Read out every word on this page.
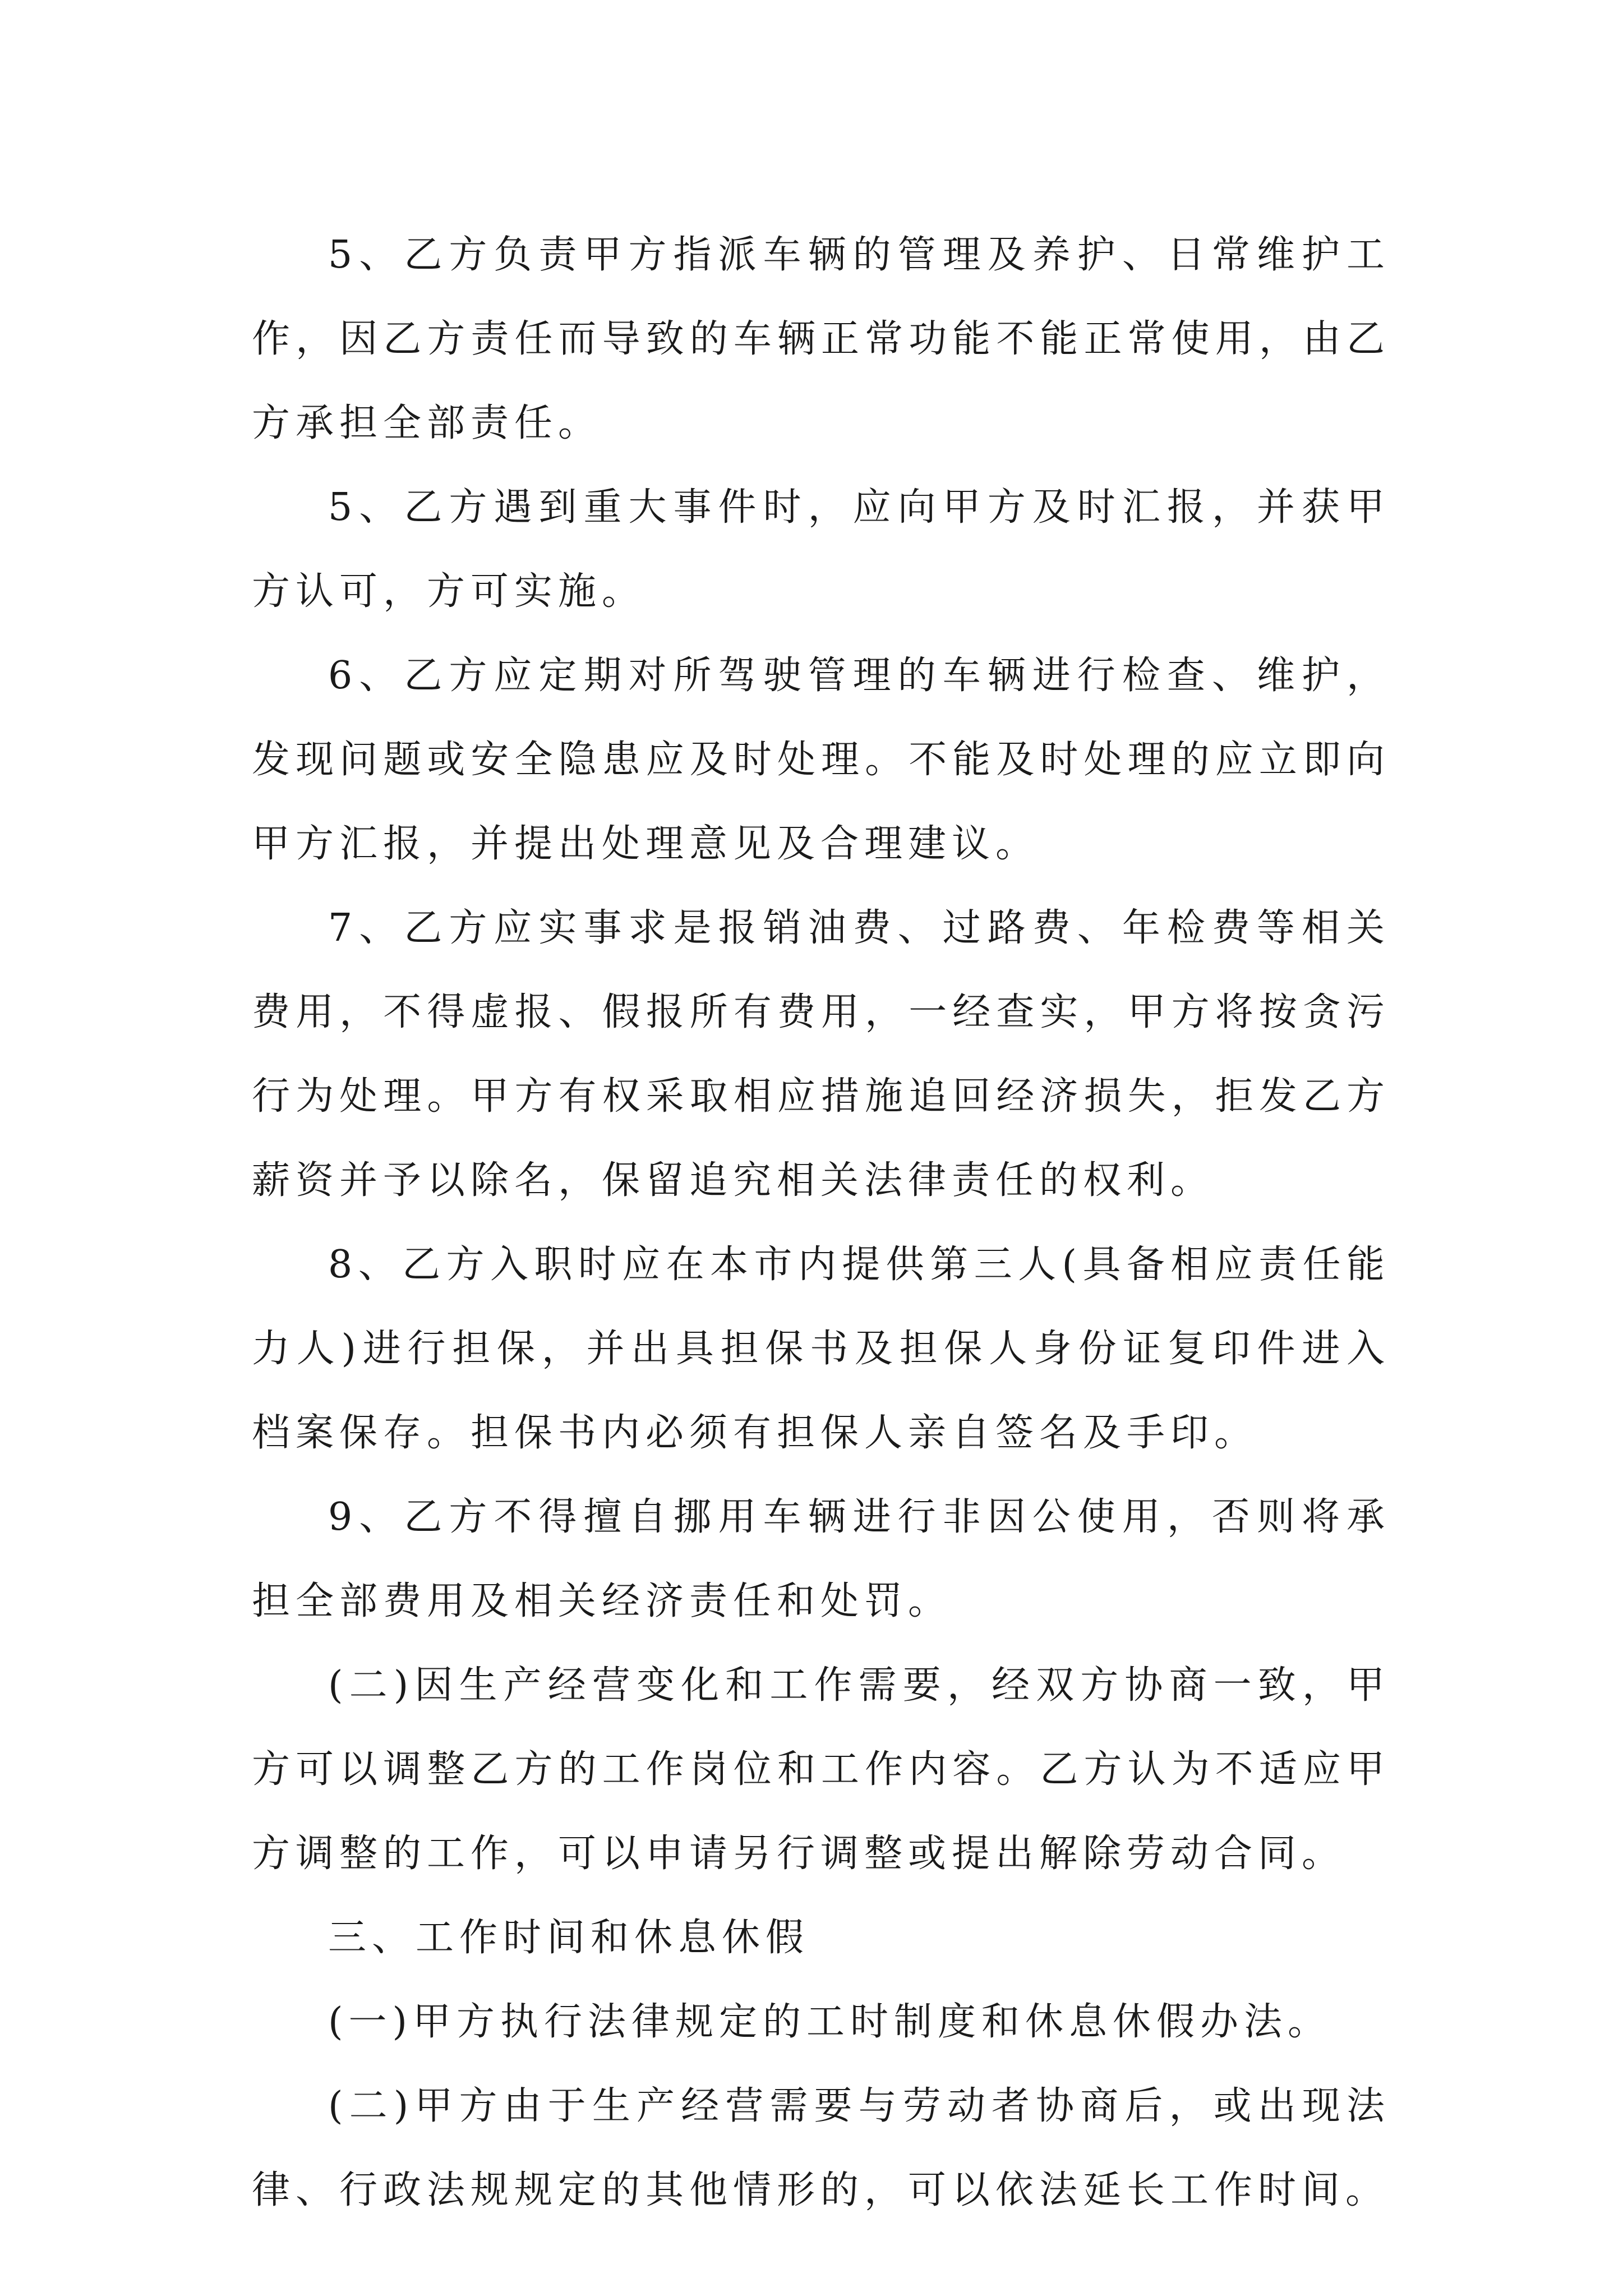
5、乙方负责甲方指派车辆的管理及养护、日常维护工作，因乙方责任而导致的车辆正常功能不能正常使用，由乙方承担全部责任。

5、乙方遇到重大事件时，应向甲方及时汇报，并获甲方认可，方可实施。

6、乙方应定期对所驾驶管理的车辆进行检查、维护，发现问题或安全隐患应及时处理。不能及时处理的应立即向甲方汇报，并提出处理意见及合理建议。

7、乙方应实事求是报销油费、过路费、年检费等相关费用，不得虚报、假报所有费用，一经查实，甲方将按贪污行为处理。甲方有权采取相应措施追回经济损失，拒发乙方薪资并予以除名，保留追究相关法律责任的权利。

8、乙方入职时应在本市内提供第三人(具备相应责任能力人)进行担保，并出具担保书及担保人身份证复印件进入档案保存。担保书内必须有担保人亲自签名及手印。

9、乙方不得擅自挪用车辆进行非因公使用，否则将承担全部费用及相关经济责任和处罚。

(二)因生产经营变化和工作需要，经双方协商一致，甲方可以调整乙方的工作岗位和工作内容。乙方认为不适应甲方调整的工作，可以申请另行调整或提出解除劳动合同。

三、工作时间和休息休假

(一)甲方执行法律规定的工时制度和休息休假办法。

(二)甲方由于生产经营需要与劳动者协商后，或出现法律、行政法规规定的其他情形的，可以依法延长工作时间。
